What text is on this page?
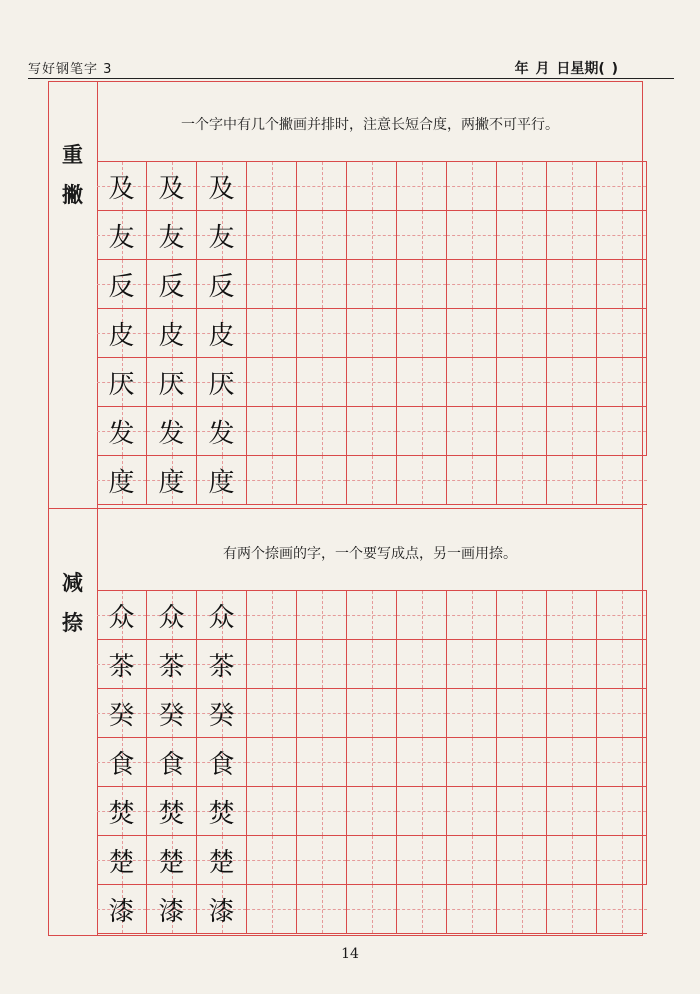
写好钢笔字 3	年 月 日星期( )
重
撇
一个字中有几个撇画并排时，注意长短合度，两撇不可平行。
及 及 及
友 友 友
反 反 反
皮 皮 皮
厌 厌 厌
发 发 发
度 度 度
减
捺
有两个捺画的字，一个要写成点，另一画用捺。
众 众 众
茶 茶 茶
癸 癸 癸
食 食 食
焚 焚 焚
楚 楚 楚
漆 漆 漆
14
